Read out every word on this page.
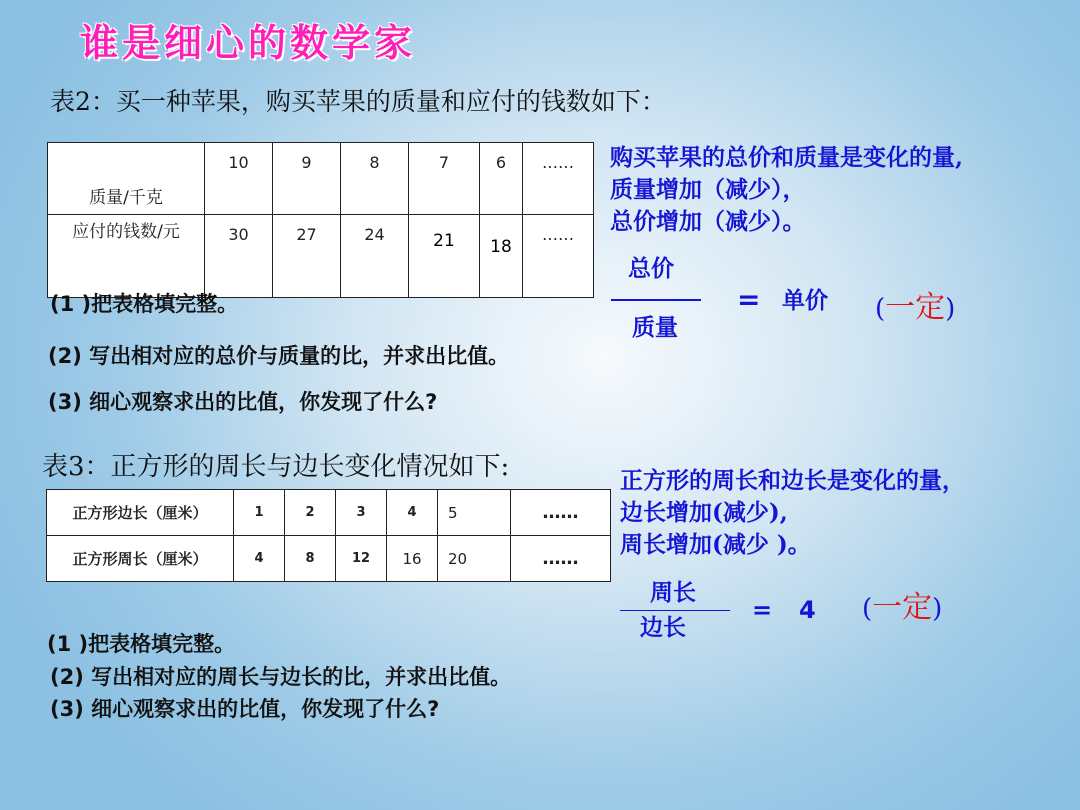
谁是细心的数学家
表2：买一种苹果，购买苹果的质量和应付的钱数如下：
质量/千克	10	9	8	7	6	……

应付的钱数/元	30	27	24	21	18	……
购买苹果的总价和质量是变化的量,
质量增加（减少），
总价增加（减少）。
总价
质量
= 单价 (一定)
(1 )把表格填完整。
(2) 写出相对应的总价与质量的比，并求出比值。
(3) 细心观察求出的比值，你发现了什么?
表3：正方形的周长与边长变化情况如下:
正方形边长（厘米）	1	2	3	4	5	……
正方形周长（厘米）	4	8	12	16	20	……
正方形的周长和边长是变化的量，
边长增加(减少),
周长增加(减少 )。
周长
边长
= 4 (一定)
(1 )把表格填完整。
(2) 写出相对应的周长与边长的比，并求出比值。
(3) 细心观察求出的比值，你发现了什么?
